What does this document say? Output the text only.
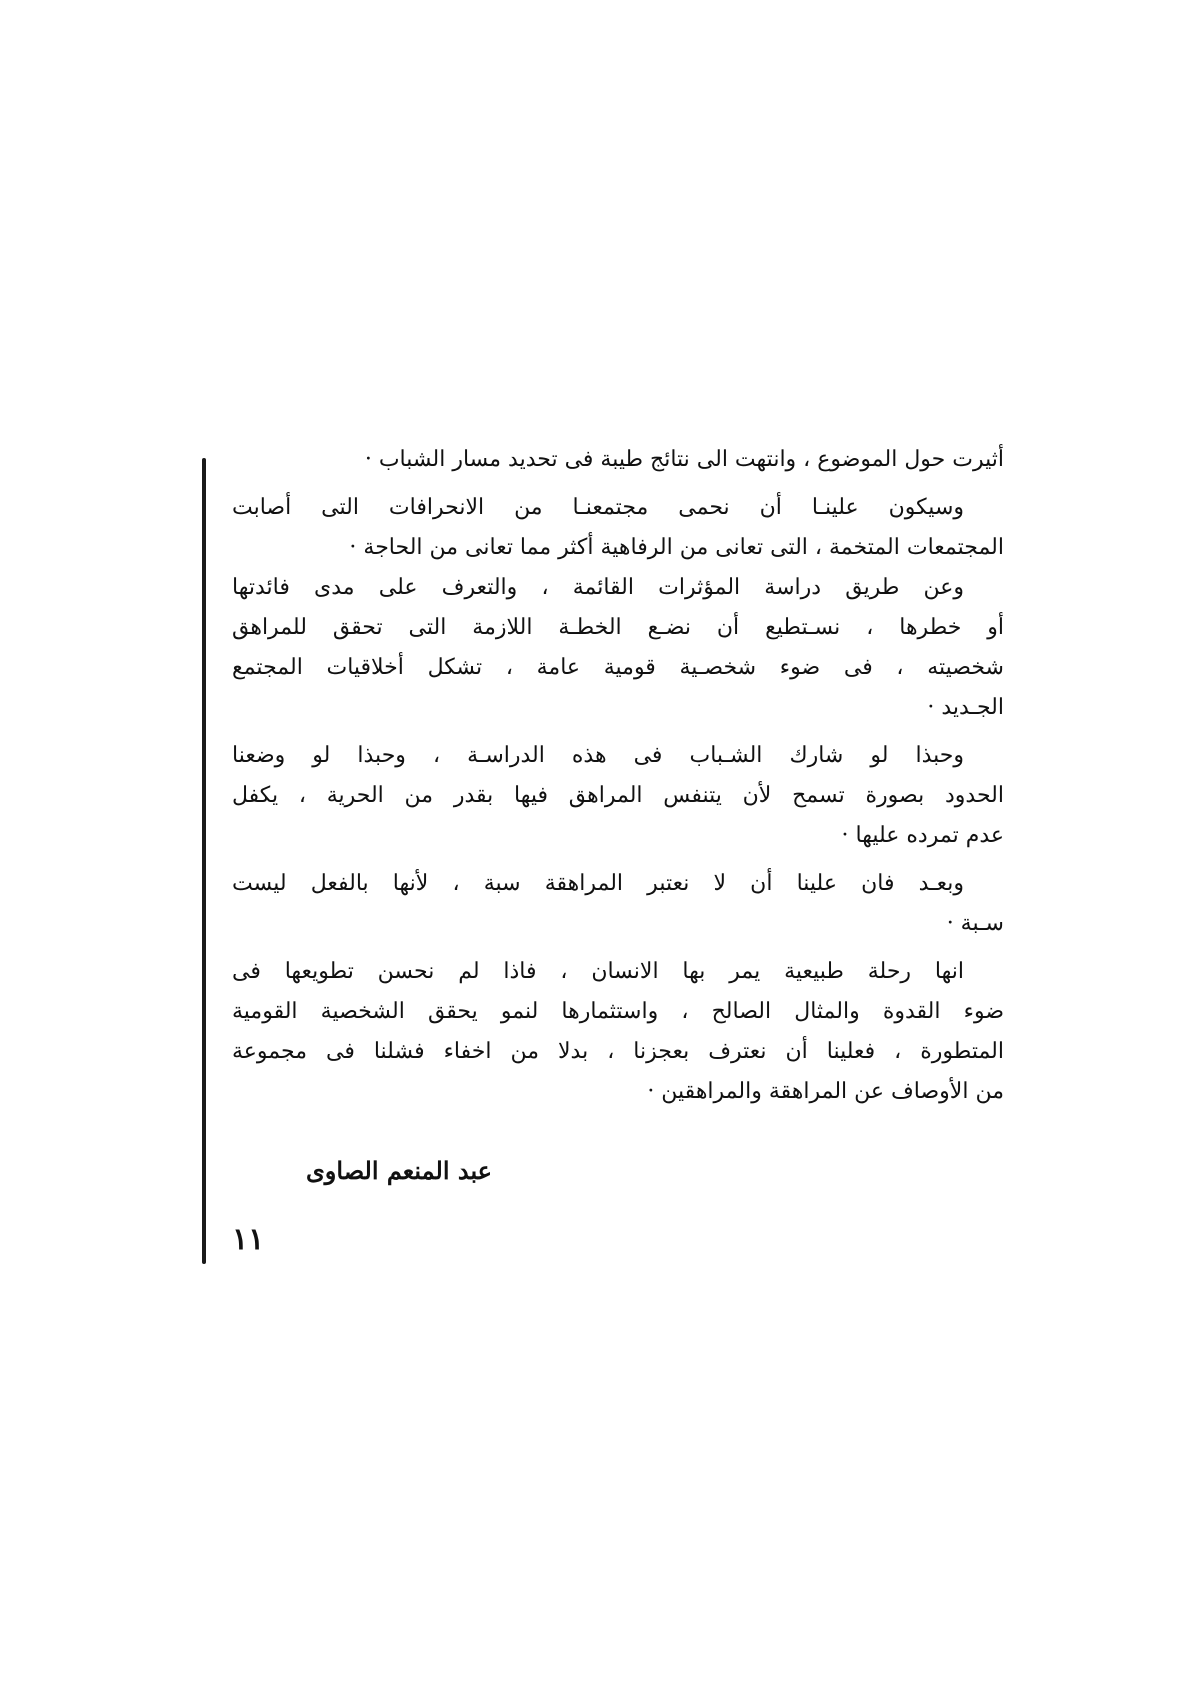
أثيرت حول الموضوع ، وانتهت الى نتائج طيبة فى تحديد مسار الشباب ·
وسيكون علينـا أن نحمى مجتمعنـا من الانحرافات التى أصابت
المجتمعات المتخمة ، التى تعانى من الرفاهية أكثر مما تعانى من الحاجة ·
وعن طريق دراسة المؤثرات القائمة ، والتعرف على مدى فائدتها
أو خطرها ، نسـتطيع أن نضـع الخطـة اللازمة التى تحقق للمراهق
شخصيته ، فى ضوء شخصـية قومية عامة ، تشكل أخلاقيات المجتمع
الجـديد ·
وحبذا لو شارك الشـباب فى هذه الدراسـة ، وحبذا لو وضعنا
الحدود بصورة تسمح لأن يتنفس المراهق فيها بقدر من الحرية ، يكفل
عدم تمرده عليها ·
وبعـد فان علينا أن لا نعتبر المراهقة سبة ، لأنها بالفعل ليست
سـبة ·
انها رحلة طبيعية يمر بها الانسان ، فاذا لم نحسن تطويعها فى
ضوء القدوة والمثال الصالح ، واستثمارها لنمو يحقق الشخصية القومية
المتطورة ، فعلينا أن نعترف بعجزنا ، بدلا من اخفاء فشلنا فى مجموعة
من الأوصاف عن المراهقة والمراهقين ·
عبد المنعم الصاوى
١١
